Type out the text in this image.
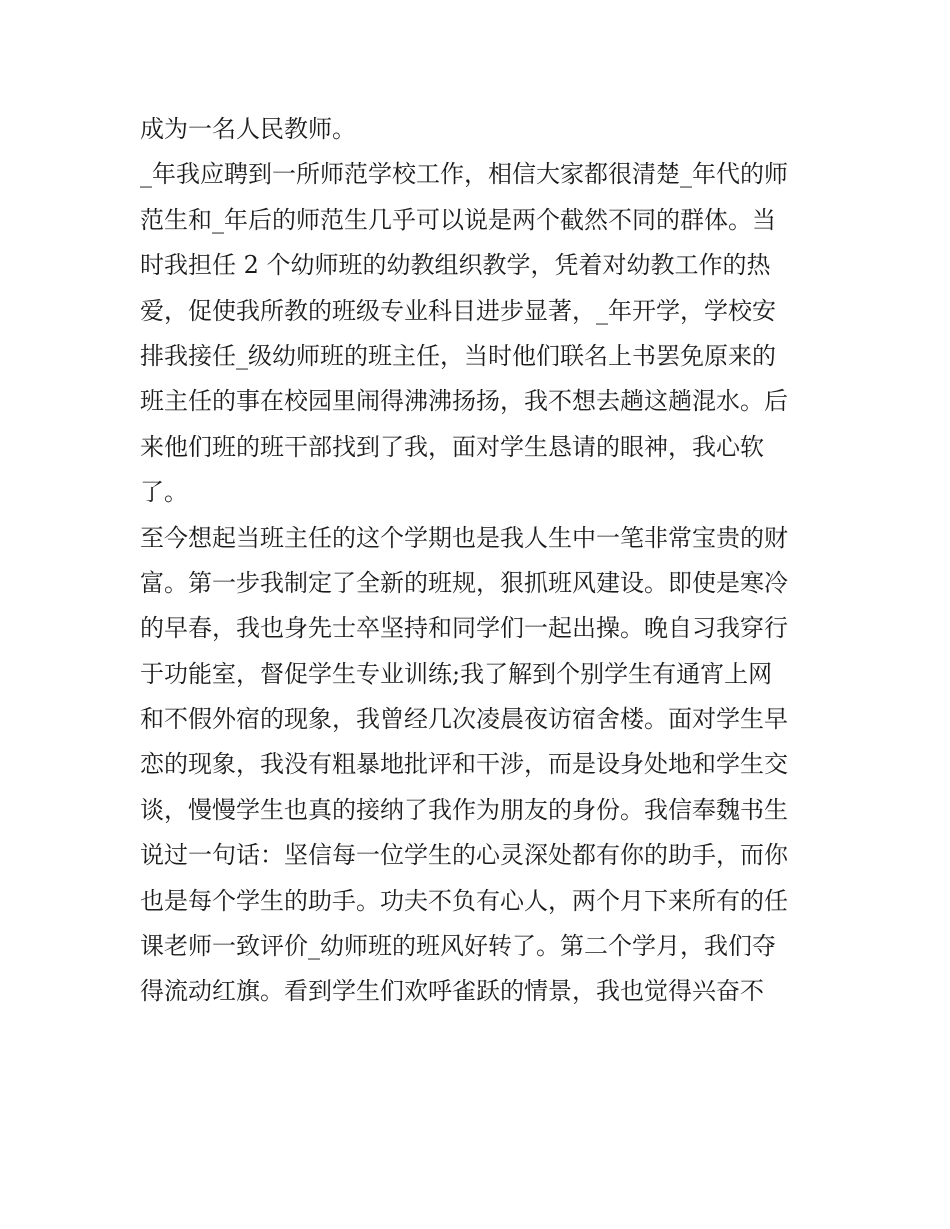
成为一名人民教师。
_年我应聘到一所师范学校工作，相信大家都很清楚_年代的师
范生和_年后的师范生几乎可以说是两个截然不同的群体。当
时我担任 2 个幼师班的幼教组织教学，凭着对幼教工作的热
爱，促使我所教的班级专业科目进步显著，_年开学，学校安
排我接任_级幼师班的班主任，当时他们联名上书罢免原来的
班主任的事在校园里闹得沸沸扬扬，我不想去趟这趟混水。后
来他们班的班干部找到了我，面对学生恳请的眼神，我心软
了。
至今想起当班主任的这个学期也是我人生中一笔非常宝贵的财
富。第一步我制定了全新的班规，狠抓班风建设。即使是寒冷
的早春，我也身先士卒坚持和同学们一起出操。晚自习我穿行
于功能室，督促学生专业训练;我了解到个别学生有通宵上网
和不假外宿的现象，我曾经几次凌晨夜访宿舍楼。面对学生早
恋的现象，我没有粗暴地批评和干涉，而是设身处地和学生交
谈，慢慢学生也真的接纳了我作为朋友的身份。我信奉魏书生
说过一句话：坚信每一位学生的心灵深处都有你的助手，而你
也是每个学生的助手。功夫不负有心人，两个月下来所有的任
课老师一致评价_幼师班的班风好转了。第二个学月，我们夺
得流动红旗。看到学生们欢呼雀跃的情景，我也觉得兴奋不
